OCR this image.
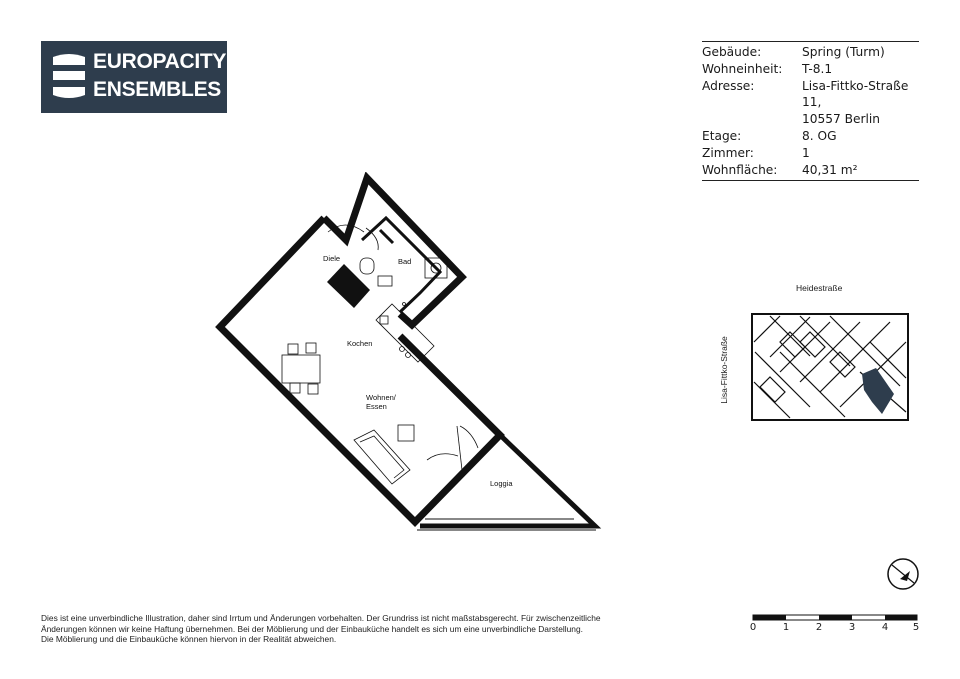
EUROPACITY
ENSEMBLES
Gebäude:	Spring (Turm)
Wohneinheit:	T-8.1
Adresse:	Lisa-Fittko-Straße 11,
10557 Berlin
Etage:	8. OG
Zimmer:	1
Wohnfläche:	40,31 m²
Diele	Bad
Kochen
Wohnen/
Essen
Loggia
Heidestraße
Lisa-Fittko-Straße
0	1	2	3	4 5

Dies ist eine unverbindliche Illustration, daher sind Irrtum und Änderungen vorbehalten. Der Grundriss ist nicht maßstabsgerecht. Für zwischenzeitliche

Änderungen können wir keine Haftung übernehmen. Bei der Möblierung und der Einbauküche handelt es sich um eine unverbindliche Darstellung.

Die Möblierung und die Einbauküche können hiervon in der Realität abweichen.
